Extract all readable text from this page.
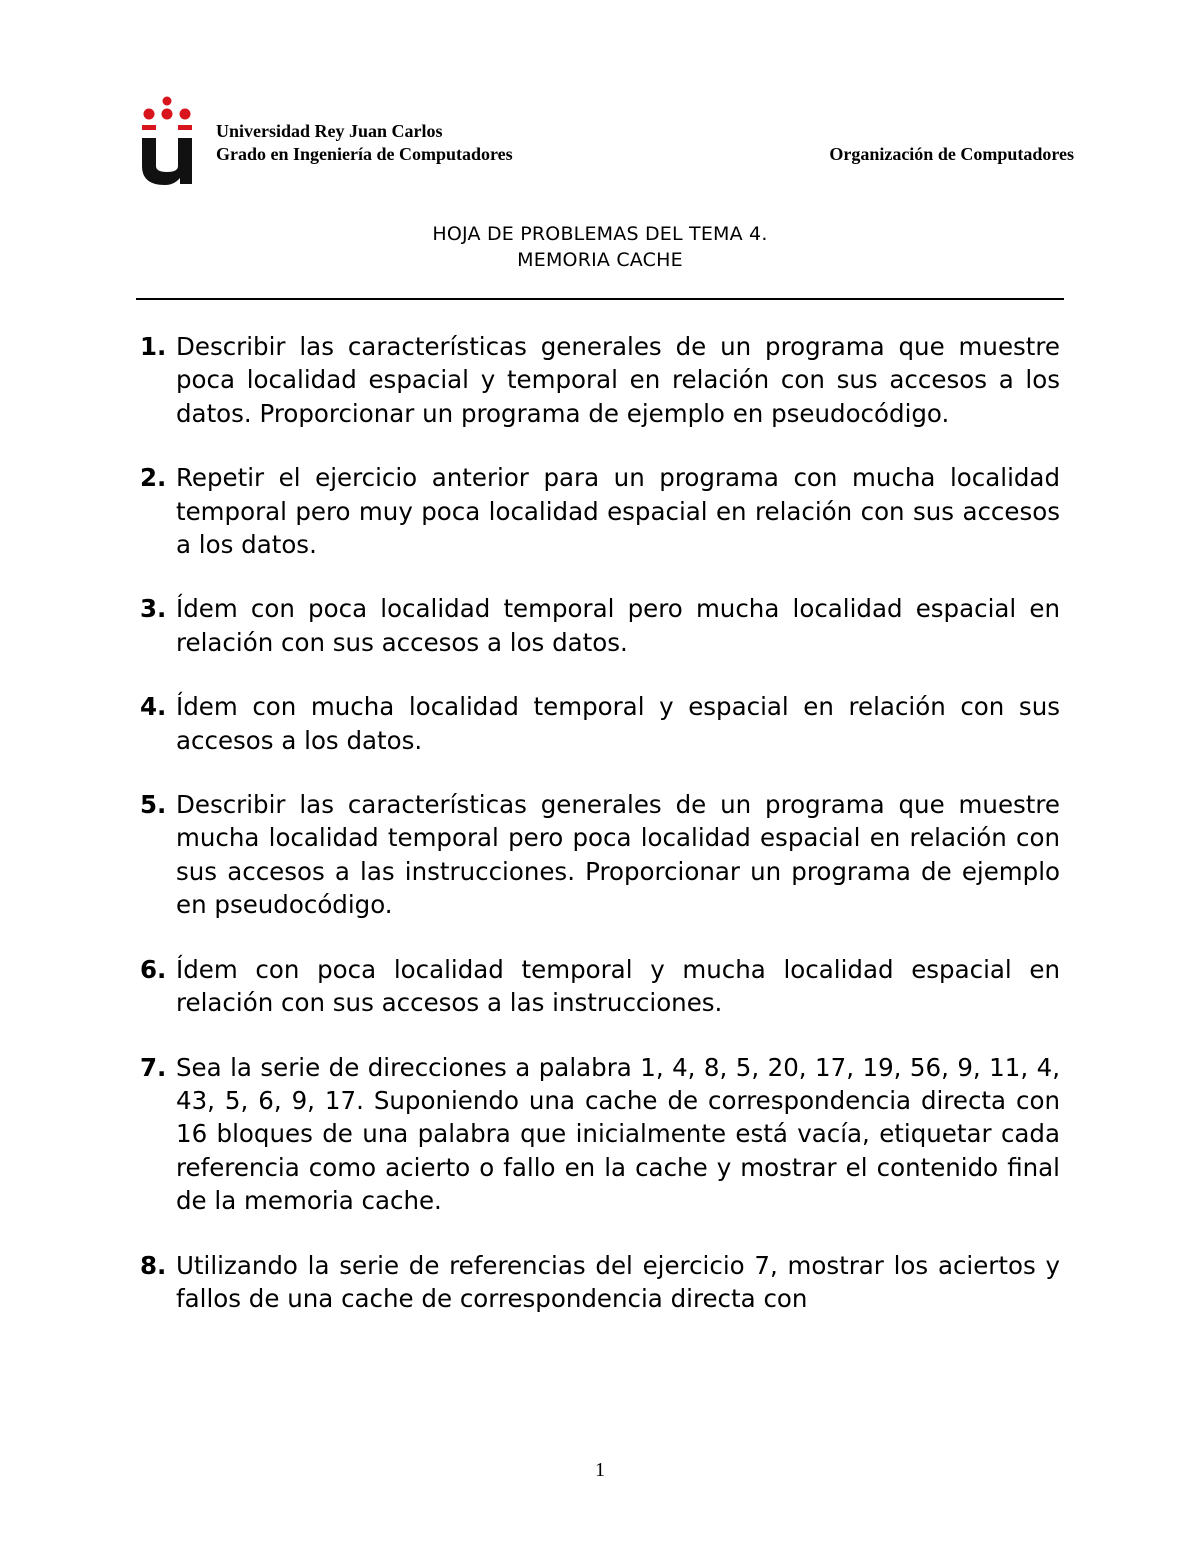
Universidad Rey Juan Carlos
Grado en Ingeniería de Computadores	Organización de Computadores
HOJA DE PROBLEMAS DEL TEMA 4.
MEMORIA CACHE
1. Describir las características generales de un programa que muestre poca localidad espacial y temporal en relación con sus accesos a los datos. Proporcionar un programa de ejemplo en pseudocódigo.
2. Repetir el ejercicio anterior para un programa con mucha localidad temporal pero muy poca localidad espacial en relación con sus accesos a los datos.
3. Ídem con poca localidad temporal pero mucha localidad espacial en relación con sus accesos a los datos.
4. Ídem con mucha localidad temporal y espacial en relación con sus accesos a los datos.
5. Describir las características generales de un programa que muestre mucha localidad temporal pero poca localidad espacial en relación con sus accesos a las instrucciones. Proporcionar un programa de ejemplo en pseudocódigo.
6. Ídem con poca localidad temporal y mucha localidad espacial en relación con sus accesos a las instrucciones.
7. Sea la serie de direcciones a palabra 1, 4, 8, 5, 20, 17, 19, 56, 9, 11, 4, 43, 5, 6, 9, 17. Suponiendo una cache de correspondencia directa con 16 bloques de una palabra que inicialmente está vacía, etiquetar cada referencia como acierto o fallo en la cache y mostrar el contenido final de la memoria cache.
8. Utilizando la serie de referencias del ejercicio 7, mostrar los aciertos y fallos de una cache de correspondencia directa con
1
